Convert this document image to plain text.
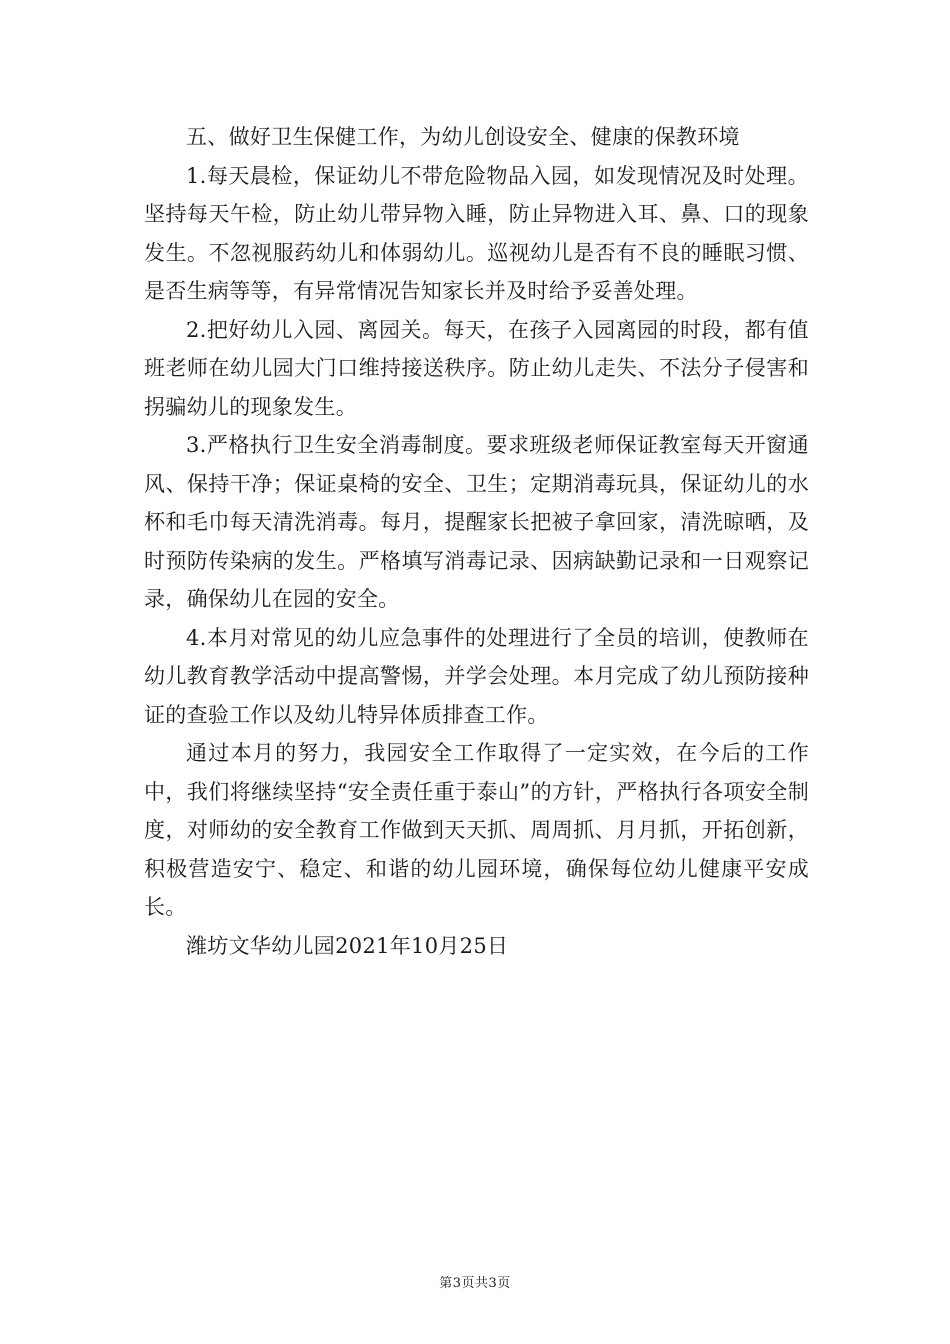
五、做好卫生保健工作，为幼儿创设安全、健康的保教环境

1.每天晨检，保证幼儿不带危险物品入园，如发现情况及时处理。坚持每天午检，防止幼儿带异物入睡，防止异物进入耳、鼻、口的现象发生。不忽视服药幼儿和体弱幼儿。巡视幼儿是否有不良的睡眠习惯、是否生病等等，有异常情况告知家长并及时给予妥善处理。

2.把好幼儿入园、离园关。每天，在孩子入园离园的时段，都有值班老师在幼儿园大门口维持接送秩序。防止幼儿走失、不法分子侵害和拐骗幼儿的现象发生。

3.严格执行卫生安全消毒制度。要求班级老师保证教室每天开窗通风、保持干净；保证桌椅的安全、卫生；定期消毒玩具，保证幼儿的水杯和毛巾每天清洗消毒。每月，提醒家长把被子拿回家，清洗晾晒，及时预防传染病的发生。严格填写消毒记录、因病缺勤记录和一日观察记录，确保幼儿在园的安全。

4.本月对常见的幼儿应急事件的处理进行了全员的培训，使教师在幼儿教育教学活动中提高警惕，并学会处理。本月完成了幼儿预防接种证的查验工作以及幼儿特异体质排查工作。

通过本月的努力，我园安全工作取得了一定实效，在今后的工作中，我们将继续坚持“安全责任重于泰山”的方针，严格执行各项安全制度，对师幼的安全教育工作做到天天抓、周周抓、月月抓，开拓创新，积极营造安宁、稳定、和谐的幼儿园环境，确保每位幼儿健康平安成长。

潍坊文华幼儿园2021年10月25日

第3页共3页
